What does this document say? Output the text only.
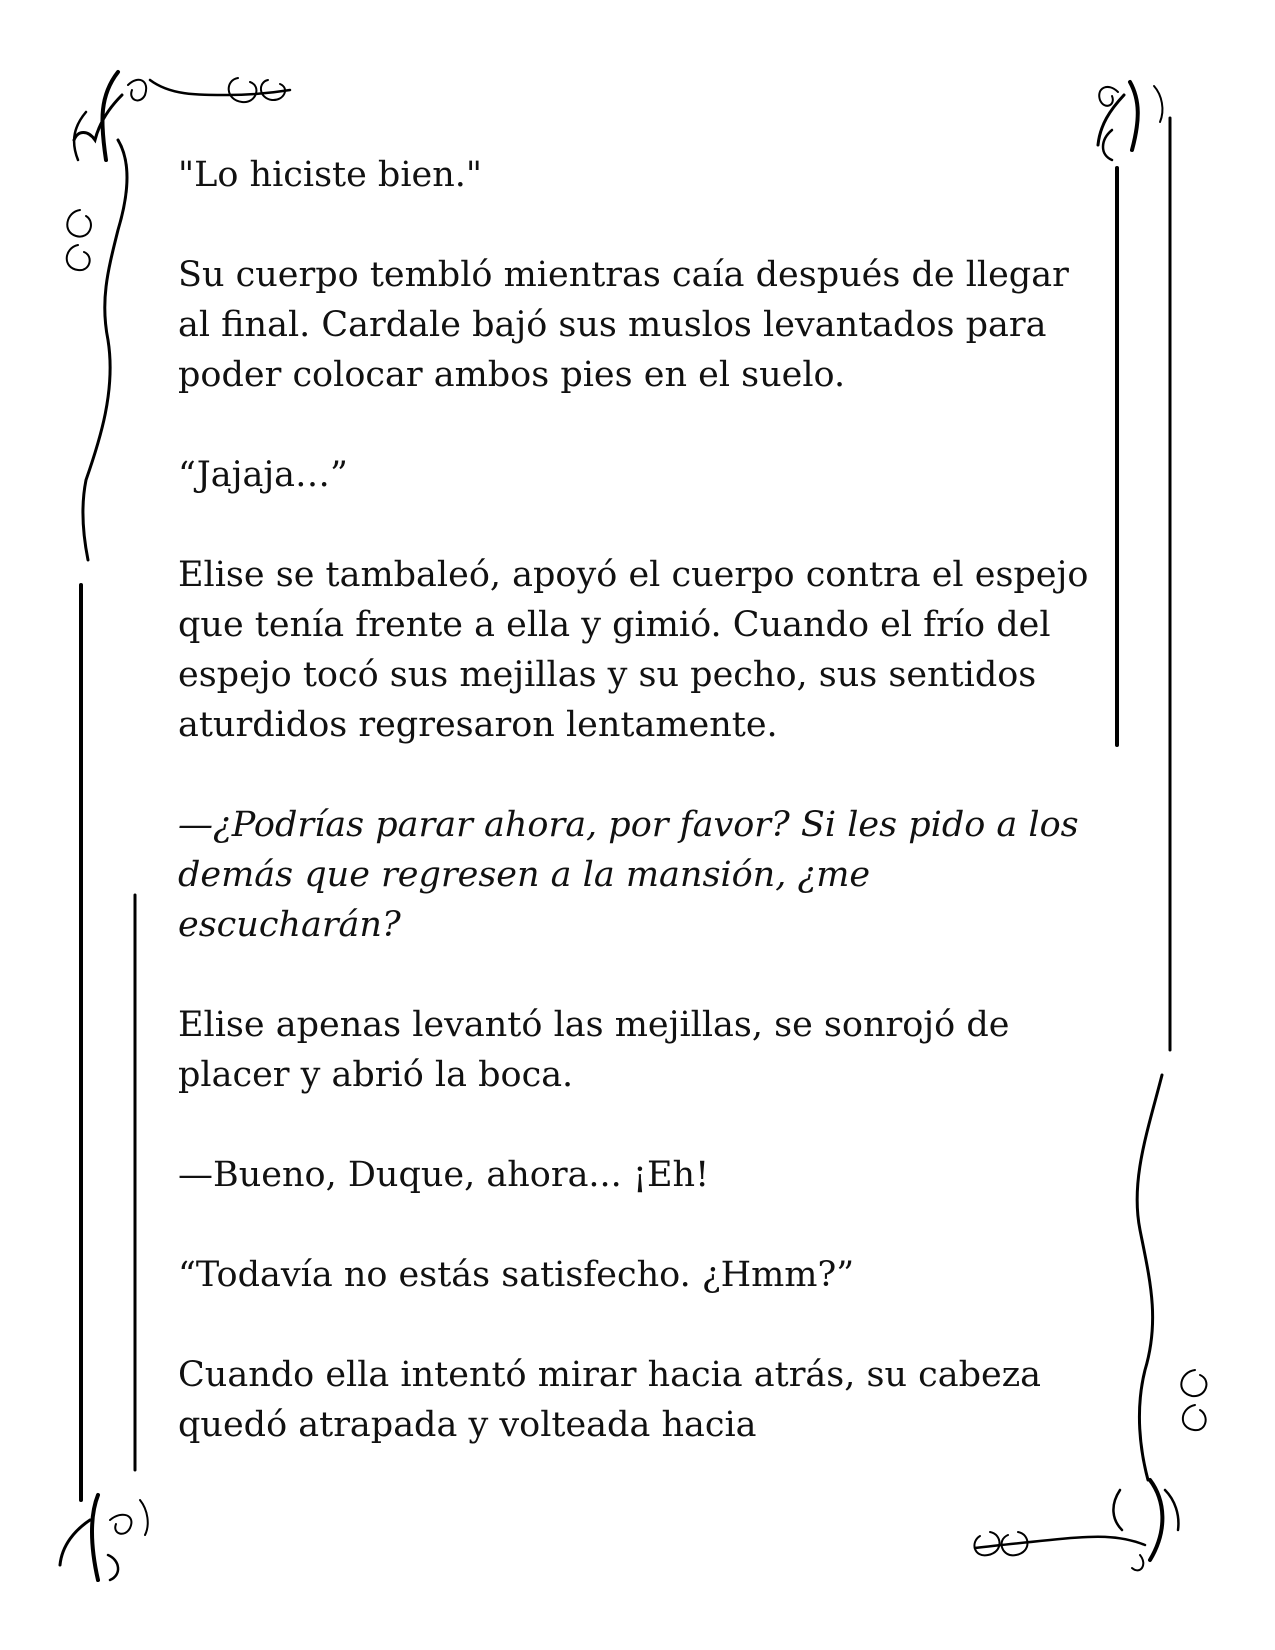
"Lo hiciste bien."

Su cuerpo tembló mientras caía después de llegar al final. Cardale bajó sus muslos levantados para poder colocar ambos pies en el suelo.

“Jajaja…”

Elise se tambaleó, apoyó el cuerpo contra el espejo que tenía frente a ella y gimió. Cuando el frío del espejo tocó sus mejillas y su pecho, sus sentidos aturdidos regresaron lentamente.

—¿Podrías parar ahora, por favor? Si les pido a los demás que regresen a la mansión, ¿me escucharán?

Elise apenas levantó las mejillas, se sonrojó de placer y abrió la boca.

—Bueno, Duque, ahora... ¡Eh!

“Todavía no estás satisfecho. ¿Hmm?”

Cuando ella intentó mirar hacia atrás, su cabeza quedó atrapada y volteada hacia
